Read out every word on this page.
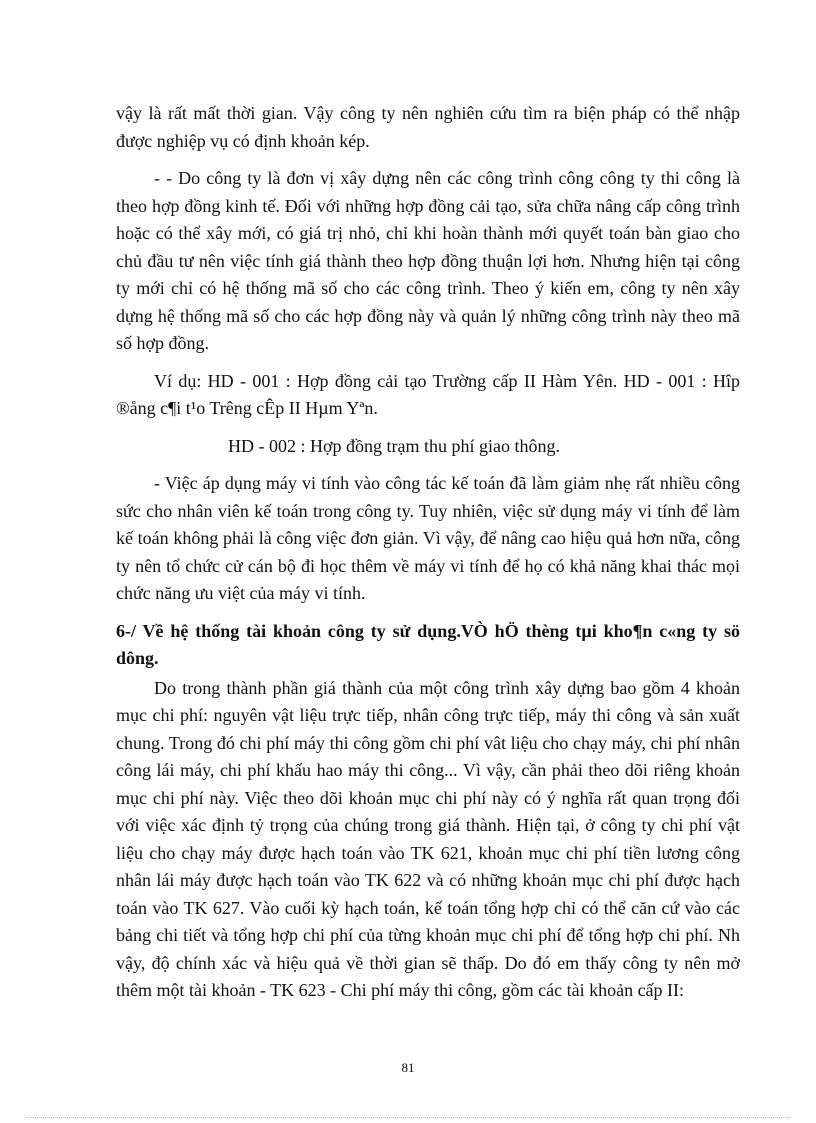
vậy là rất mất thời gian. Vậy công ty nên nghiên cứu tìm ra biện pháp có thể nhập được nghiệp vụ có định khoản kép.

- - Do công ty là đơn vị xây dựng nên các công trình công công ty thi công là theo hợp đồng kinh tế. Đối với những hợp đồng cải tạo, sửa chữa nâng cấp công trình hoặc có thể xây mới, có giá trị nhỏ, chỉ khi hoàn thành mới quyết toán bàn giao cho chủ đầu tư nên việc tính giá thành theo hợp đồng thuận lợi hơn. Nhưng hiện tại công ty mới chỉ có hệ thống mã số cho các công trình. Theo ý kiến em, công ty nên xây dựng hệ thống mã số cho các hợp đồng này và quản lý những công trình này theo mã số hợp đồng.

Ví dụ: HD - 001 : Hợp đồng cải tạo Trường cấp II Hàm Yên. HD - 001 : Hîp ®ång c¶i t¹o Trêng cÊp II Hµm Yªn.

HD - 002 : Hợp đồng trạm thu phí giao thông.

- Việc áp dụng máy vi tính vào công tác kế toán đã làm giảm nhẹ rất nhiều công sức cho nhân viên kế toán trong công ty. Tuy nhiên, việc sử dụng máy vi tính để làm kế toán không phải là công việc đơn giản. Vì vậy, để nâng cao hiệu quả hơn nữa, công ty nên tổ chức cử cán bộ đi học thêm về máy vi tính để họ có khả năng khai thác mọi chức năng ưu việt của máy vi tính.

6-/ Về hệ thống tài khoản công ty sử dụng.VÒ hÖ thèng tµi kho¶n c«ng ty sö dông.

Do trong thành phần giá thành của một công trình xây dựng bao gồm 4 khoản mục chi phí: nguyên vật liệu trực tiếp, nhân công trực tiếp, máy thi công và sản xuất chung. Trong đó chi phí máy thi công gồm chi phí vât liệu cho chạy máy, chi phí nhân công lái máy, chi phí khấu hao máy thi công... Vì vậy, cần phải theo dõi riêng khoản mục chi phí này. Việc theo dõi khoản mục chi phí này có ý nghĩa rất quan trọng đối với việc xác định tỷ trọng của chúng trong giá thành. Hiện tại, ở công ty chi phí vật liệu cho chạy máy được hạch toán vào TK 621, khoản mục chi phí tiền lương công nhân lái máy được hạch toán vào TK 622 và có những khoản mục chi phí được hạch toán vào TK 627. Vào cuối kỳ hạch toán, kế toán tổng hợp chỉ có thể căn cứ vào các bảng chi tiết và tổng hợp chi phí của từng khoản mục chi phí để tổng hợp chi phí. Nh vậy, độ chính xác và hiệu quả về thời gian sẽ thấp. Do đó em thấy công ty nên mở thêm một tài khoản - TK 623 - Chi phí máy thi công, gồm các tài khoản cấp II:

81
